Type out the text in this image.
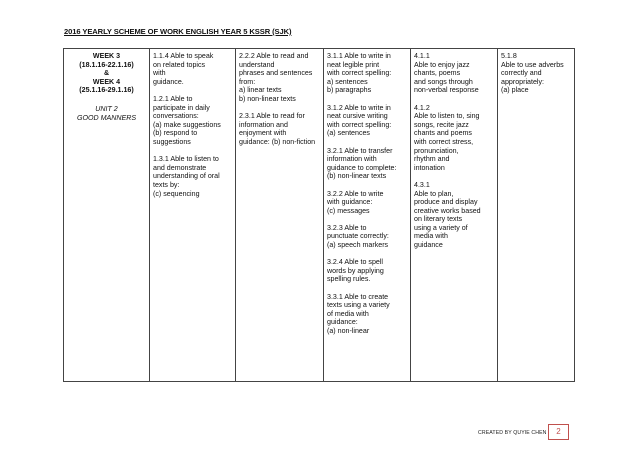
2016 YEARLY SCHEME OF WORK ENGLISH YEAR 5 KSSR (SJK)
WEEK 3
(18.1.16-22.1.16)
&
WEEK 4
(25.1.16-29.1.16)
UNIT 2
GOOD MANNERS

1.1.4 Able to speak
on related topics
with
guidance.
1.2.1 Able to
participate in daily
conversations:
(a) make suggestions
(b) respond to
suggestions
1.3.1 Able to listen to
and demonstrate
understanding of oral
texts by:
(c) sequencing

2.2.2 Able to read and
understand
phrases and sentences
from:
a) linear texts
b) non-linear texts
2.3.1 Able to read for
information and
enjoyment with
guidance: (b) non-fiction

3.1.1 Able to write in
neat legible print
with correct spelling:
a) sentences
b) paragraphs
3.1.2 Able to write in
neat cursive writing
with correct spelling:
(a) sentences
3.2.1 Able to transfer
information with
guidance to complete:
(b) non-linear texts
3.2.2 Able to write
with guidance:
(c) messages
3.2.3 Able to
punctuate correctly:
(a) speech markers
3.2.4 Able to spell
words by applying
spelling rules.
3.3.1 Able to create
texts using a variety
of media with
guidance:
(a) non-linear

4.1.1
Able to enjoy jazz
chants, poems
and songs through
non-verbal response
4.1.2
Able to listen to, sing
songs, recite jazz
chants and poems
with correct stress,
pronunciation,
rhythm and
intonation
4.3.1
Able to plan,
produce and display
creative works based
on literary texts
using a variety of
media with
guidance

5.1.8
Able to use adverbs
correctly and
appropriately:
(a) place
CREATED BY QUYIE CHEN	2
